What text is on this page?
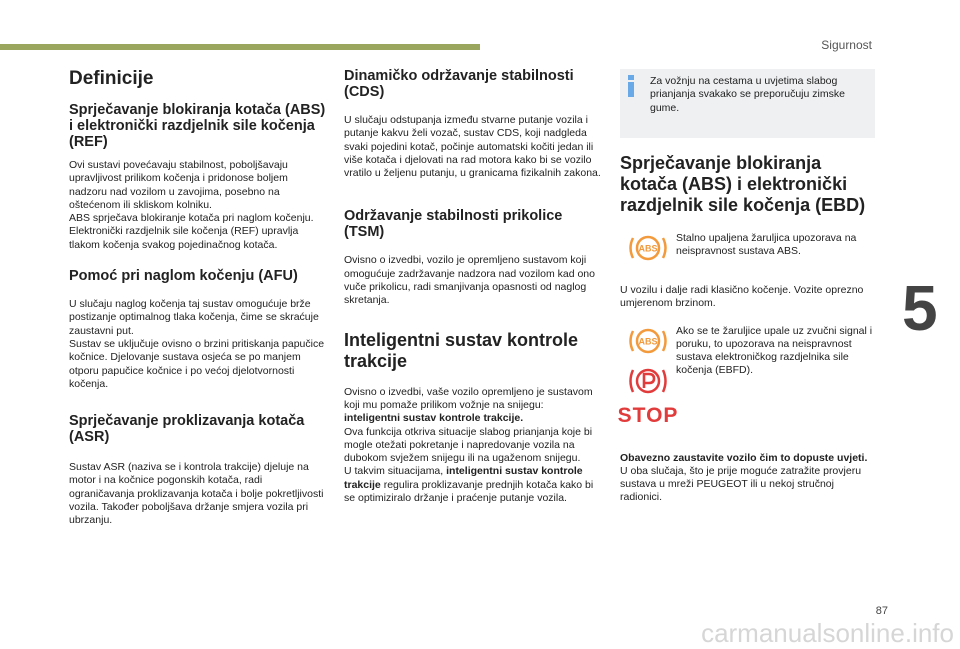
Sigurnost
5
87
carmanualsonline.info
Definicije
Sprječavanje blokiranja kotača (ABS) i elektronički razdjelnik sile kočenja (REF)

Ovi sustavi povećavaju stabilnost, poboljšavaju upravljivost prilikom kočenja i pridonose boljem nadzoru nad vozilom u zavojima, posebno na oštećenom ili skliskom kolniku.
ABS sprječava blokiranje kotača pri naglom kočenju.
Elektronički razdjelnik sile kočenja (REF) upravlja tlakom kočenja svakog pojedinačnog kotača.

Pomoć pri naglom kočenju (AFU)

U slučaju naglog kočenja taj sustav omogućuje brže postizanje optimalnog tlaka kočenja, čime se skraćuje zaustavni put.
Sustav se uključuje ovisno o brzini pritiskanja papučice kočnice. Djelovanje sustava osjeća se po manjem otporu papučice kočnice i po većoj djelotvornosti kočenja.

Sprječavanje proklizavanja kotača (ASR)

Sustav ASR (naziva se i kontrola trakcije) djeluje na motor i na kočnice pogonskih kotača, radi ograničavanja proklizavanja kotača i bolje pokretljivosti vozila. Također poboljšava držanje smjera vozila pri ubrzanju.

Dinamičko održavanje stabilnosti (CDS)

U slučaju odstupanja između stvarne putanje vozila i putanje kakvu želi vozač, sustav CDS, koji nadgleda svaki pojedini kotač, počinje automatski kočiti jedan ili više kotača i djelovati na rad motora kako bi se vozilo vratilo u željenu putanju, u granicama fizikalnih zakona.

Održavanje stabilnosti prikolice (TSM)

Ovisno o izvedbi, vozilo je opremljeno sustavom koji omogućuje zadržavanje nadzora nad vozilom kad ono vuče prikolicu, radi smanjivanja opasnosti od naglog skretanja.

Inteligentni sustav kontrole trakcije

Ovisno o izvedbi, vaše vozilo opremljeno je sustavom koji mu pomaže prilikom vožnje na snijegu: inteligentni sustav kontrole trakcije.
Ova funkcija otkriva situacije slabog prianjanja koje bi mogle otežati pokretanje i napredovanje vozila na dubokom svježem snijegu ili na ugaženom snijegu.
U takvim situacijama, inteligentni sustav kontrole trakcije regulira proklizavanje prednjih kotača kako bi se optimiziralo držanje i praćenje putanje vozila.

Za vožnju na cestama u uvjetima slabog prianjanja svakako se preporučuju zimske gume.

Sprječavanje blokiranja kotača (ABS) i elektronički razdjelnik sile kočenja (EBD)
ABS

Stalno upaljena žaruljica upozorava na neispravnost sustava ABS.

U vozilu i dalje radi klasično kočenje. Vozite oprezno umjerenom brzinom.

ABS
STOP

Ako se te žaruljice upale uz zvučni signal i poruku, to upozorava na neispravnost sustava elektroničkog razdjelnika sile kočenja (EBFD).

Obavezno zaustavite vozilo čim to dopuste uvjeti.
U oba slučaja, što je prije moguće zatražite provjeru sustava u mreži PEUGEOT ili u nekoj stručnoj radionici.
